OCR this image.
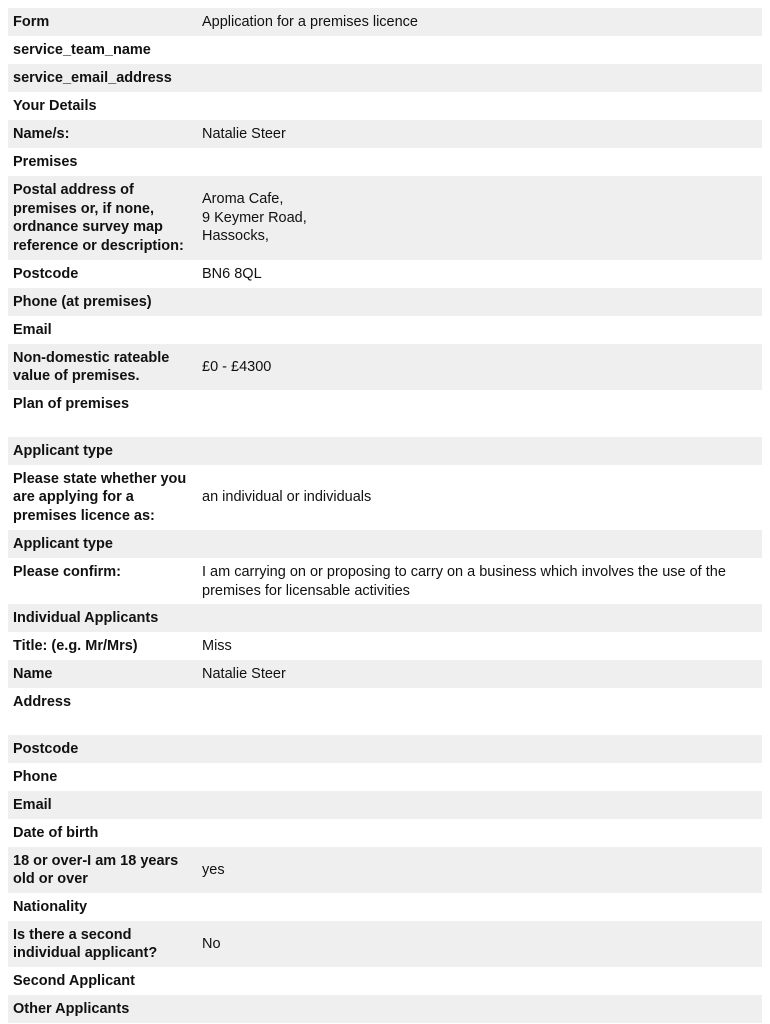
Form	Application for a premises licence
service_team_name	
service_email_address	
Your Details	
Name/s:	Natalie Steer
Premises	
Postal address of premises or, if none, ordnance survey map reference or description:	Aroma Cafe,
9 Keymer Road,
Hassocks,
Postcode	BN6 8QL
Phone (at premises)	
Email	
Non-domestic rateable value of premises.	£0 - £4300
Plan of premises	
Applicant type	
Please state whether you are applying for a premises licence as:	an individual or individuals
Applicant type	
Please confirm:	I am carrying on or proposing to carry on a business which involves the use of the premises for licensable activities
Individual Applicants	
Title: (e.g. Mr/Mrs)	Miss
Name	Natalie Steer
Address	
Postcode	
Phone	
Email	
Date of birth	
18 or over-I am 18 years old or over	yes
Nationality	
Is there a second individual applicant?	No
Second Applicant	
Other Applicants	
